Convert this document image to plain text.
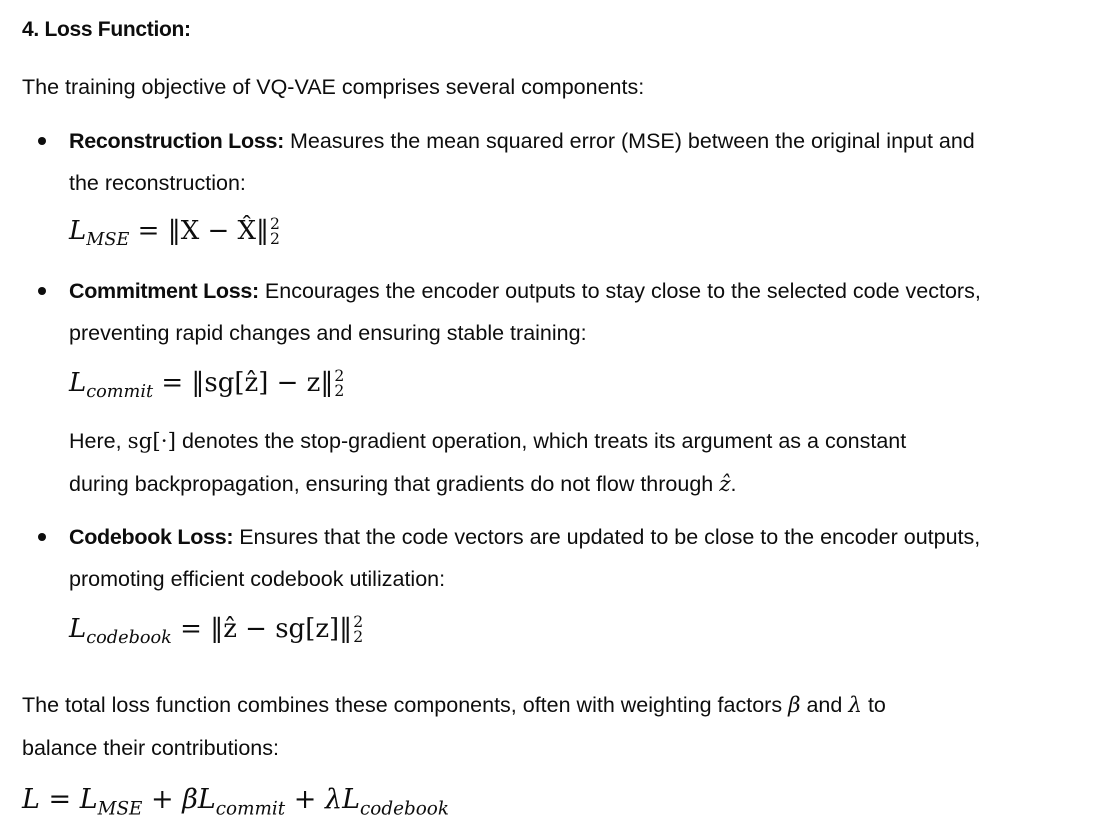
4. Loss Function:
The training objective of VQ-VAE comprises several components:
Reconstruction Loss: Measures the mean squared error (MSE) between the original input and
the reconstruction:
$L_{MSE}$ = ‖X − X̂‖ 2
2
Commitment Loss: Encourages the encoder outputs to stay close to the selected code vectors,
preventing rapid changes and ensuring stable training:
$L_{commit}$ = ‖sg[ẑ] − z‖ 2
2
Here, sg[·] denotes the stop-gradient operation, which treats its argument as a constant
during backpropagation, ensuring that gradients do not flow through ẑ.
Codebook Loss: Ensures that the code vectors are updated to be close to the encoder outputs,
promoting efficient codebook utilization:
$L_{codebook}$ = ‖ẑ − sg[z]‖ 2
2
The total loss function combines these components, often with weighting factors β and λ to
balance their contributions:
$L = L_{MSE} + \beta L_{commit} + \lambda L_{codebook}$
